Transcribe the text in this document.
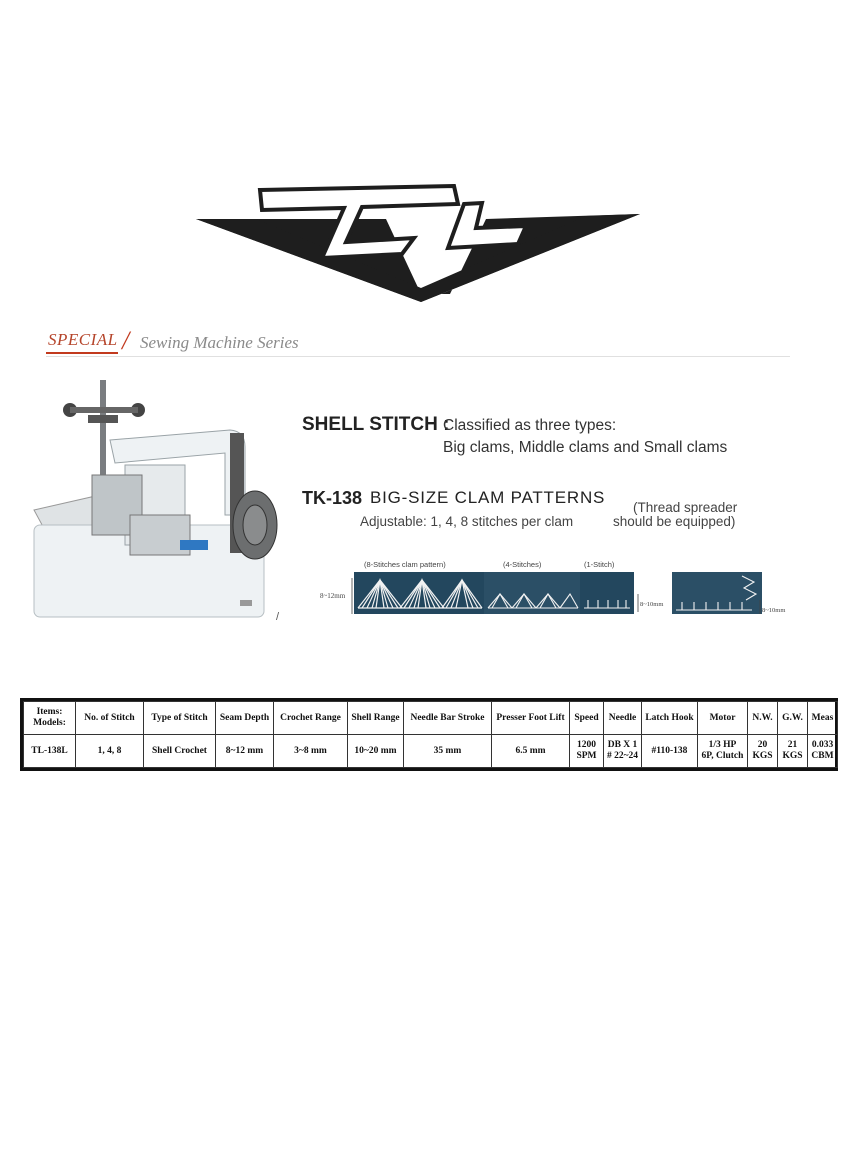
SPECIAL / Sewing Machine Series
SHELL STITCH :
Classified as three types:
Big clams, Middle clams and Small clams
TK-138 BIG-SIZE CLAM PATTERNS
Adjustable: 1, 4, 8 stitches per clam
(Thread spreader
should be equipped)
(8-Stitches clam pattern)	(4-Stitches)	(1-Stitch)
8~12mm
8~10mm
8~10mm
/
Items:
Models:	No. of Stitch	Type of Stitch	Seam Depth	Crochet Range	Shell Range	Needle Bar Stroke	Presser Foot Lift	Speed	Needle	Latch Hook	Motor	N.W.	G.W.	Meas
TL-138L	1, 4, 8	Shell Crochet	8~12 mm	3~8 mm	10~20 mm	35 mm	6.5 mm	1200
SPM	DB X 1
# 22~24	#110-138	1/3 HP
6P, Clutch	20
KGS	21
KGS	0.033
CBM
